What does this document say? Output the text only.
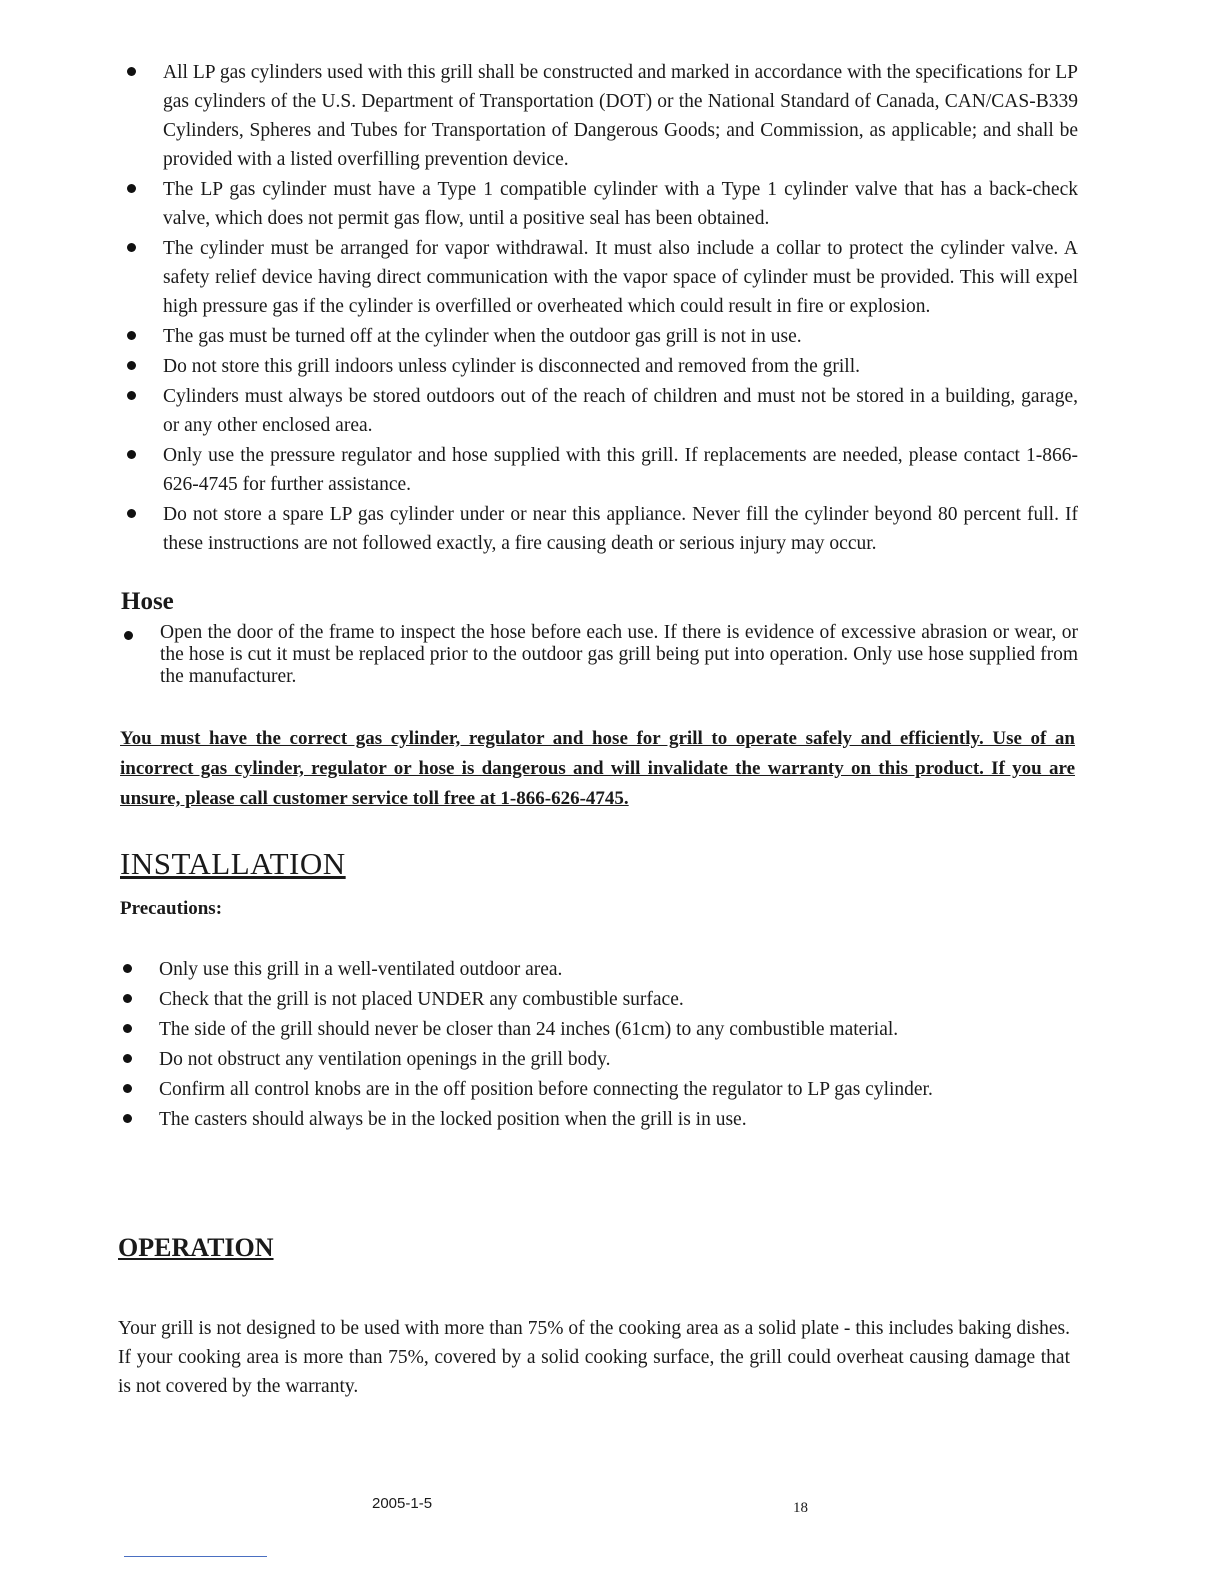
All LP gas cylinders used with this grill shall be constructed and marked in accordance with the specifications for LP gas cylinders of the U.S. Department of Transportation (DOT) or the National Standard of Canada, CAN/CAS-B339 Cylinders, Spheres and Tubes for Transportation of Dangerous Goods; and Commission, as applicable; and shall be provided with a listed overfilling prevention device.
The LP gas cylinder must have a Type 1 compatible cylinder with a Type 1 cylinder valve that has a back-check valve, which does not permit gas flow, until a positive seal has been obtained.
The cylinder must be arranged for vapor withdrawal. It must also include a collar to protect the cylinder valve. A safety relief device having direct communication with the vapor space of cylinder must be provided. This will expel high pressure gas if the cylinder is overfilled or overheated which could result in fire or explosion.
The gas must be turned off at the cylinder when the outdoor gas grill is not in use.
Do not store this grill indoors unless cylinder is disconnected and removed from the grill.
Cylinders must always be stored outdoors out of the reach of children and must not be stored in a building, garage, or any other enclosed area.
Only use the pressure regulator and hose supplied with this grill. If replacements are needed, please contact 1-866-626-4745 for further assistance.
Do not store a spare LP gas cylinder under or near this appliance. Never fill the cylinder beyond 80 percent full. If these instructions are not followed exactly, a fire causing death or serious injury may occur.
Hose
Open the door of the frame to inspect the hose before each use. If there is evidence of excessive abrasion or wear, or the hose is cut it must be replaced prior to the outdoor gas grill being put into operation. Only use hose supplied from the manufacturer.

You must have the correct gas cylinder, regulator and hose for grill to operate safely and efficiently. Use of an incorrect gas cylinder, regulator or hose is dangerous and will invalidate the warranty on this product. If you are unsure, please call customer service toll free at 1-866-626-4745.

INSTALLATION

Precautions:

Only use this grill in a well-ventilated outdoor area.
Check that the grill is not placed UNDER any combustible surface.
The side of the grill should never be closer than 24 inches (61cm) to any combustible material.
Do not obstruct any ventilation openings in the grill body.
Confirm all control knobs are in the off position before connecting the regulator to LP gas cylinder.
The casters should always be in the locked position when the grill is in use.
OPERATION

Your grill is not designed to be used with more than 75% of the cooking area as a solid plate - this includes baking dishes. If your cooking area is more than 75%, covered by a solid cooking surface, the grill could overheat causing damage that is not covered by the warranty.

2005-1-5	18
